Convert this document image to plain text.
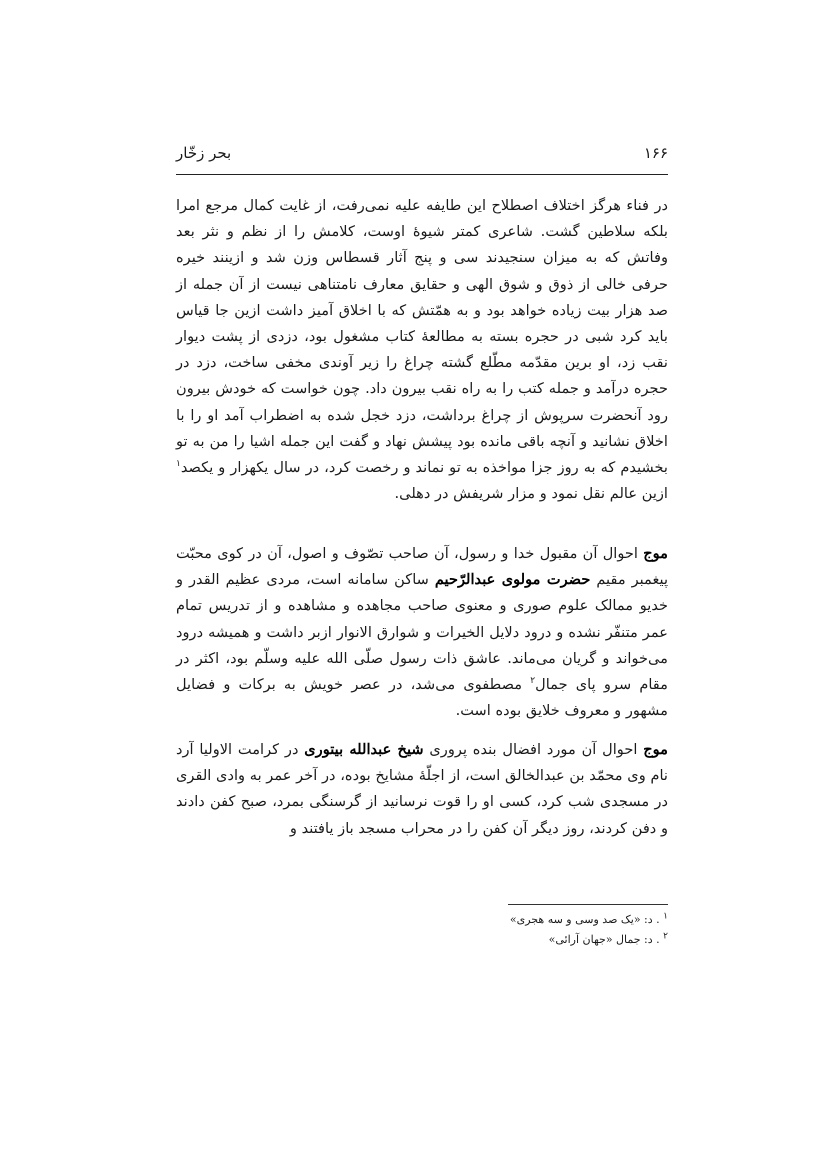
۱۶۶
بحر زخّار

در فناء هرگز اختلاف اصطلاح این طایفه علیه نمی‌رفت، از غایت کمال مرجع امرا بلکه سلاطین گشت. شاعری کمتر شیوهٔ اوست، کلامش را از نظم و نثر بعد وفاتش که به میزان سنجیدند سی و پنج آثار قسطاس وزن شد و ازینند خیره حرفی خالی از ذوق و شوق الهی و حقایق معارف نامتناهی نیست از آن جمله از صد هزار بیت زیاده خواهد بود و به همّتش که با اخلاق آمیز داشت ازین جا قیاس باید کرد شبی در حجره بسته به مطالعهٔ کتاب مشغول بود، دزدی از پشت دیوار نقب زد، او برین مقدّمه مطّلع گشته چراغ را زیر آوندی مخفی ساخت، دزد در حجره درآمد و جمله کتب را به راه نقب بیرون داد. چون خواست که خودش بیرون رود آنحضرت سرپوش از چراغ برداشت، دزد خجل شده به اضطراب آمد او را با اخلاق نشانید و آنچه باقی مانده بود پیشش نهاد و گفت این جمله اشیا را من به تو بخشیدم که به روز جزا مواخذه به تو نماند و رخصت کرد، در سال یکهزار و یکصد$^۱$ ازین عالم نقل نمود و مزار شریفش در دهلی.

موج احوال آن مقبول خدا و رسول، آن صاحب تصّوف و اصول، آن در کوی محبّت پیغمبر مقیم حضرت مولوی عبدالرّحیم ساکن سامانه است، مردی عظیم القدر و خدیو ممالک علوم صوری و معنوی صاحب مجاهده و مشاهده و از تدریس تمام عمر متنفّر نشده و درود دلایل الخیرات و شوارق الانوار ازبر داشت و همیشه درود می‌خواند و گریان می‌ماند. عاشق ذات رسول صلّی الله علیه وسلّم بود، اکثر در مقام سرو پای جمال$^۲$ مصطفوی می‌شد، در عصر خویش به برکات و فضایل مشهور و معروف خلایق بوده است.

موج احوال آن مورد افضال بنده پروری شیخ عبدالله بیتوری در کرامت الاولیا آرد نام وی محمّد بن عبدالخالق است، از اجلّهٔ مشایخ بوده، در آخر عمر به وادی القری در مسجدی شب کرد، کسی او را قوت نرسانید از گرسنگی بمرد، صبح کفن دادند و دفن کردند، روز دیگر آن کفن را در محراب مسجد باز یافتند و

$^۱$ . د: «یک صد وسی و سه هجری»
$^۲$ . د: جمال «جهان آرائی»
